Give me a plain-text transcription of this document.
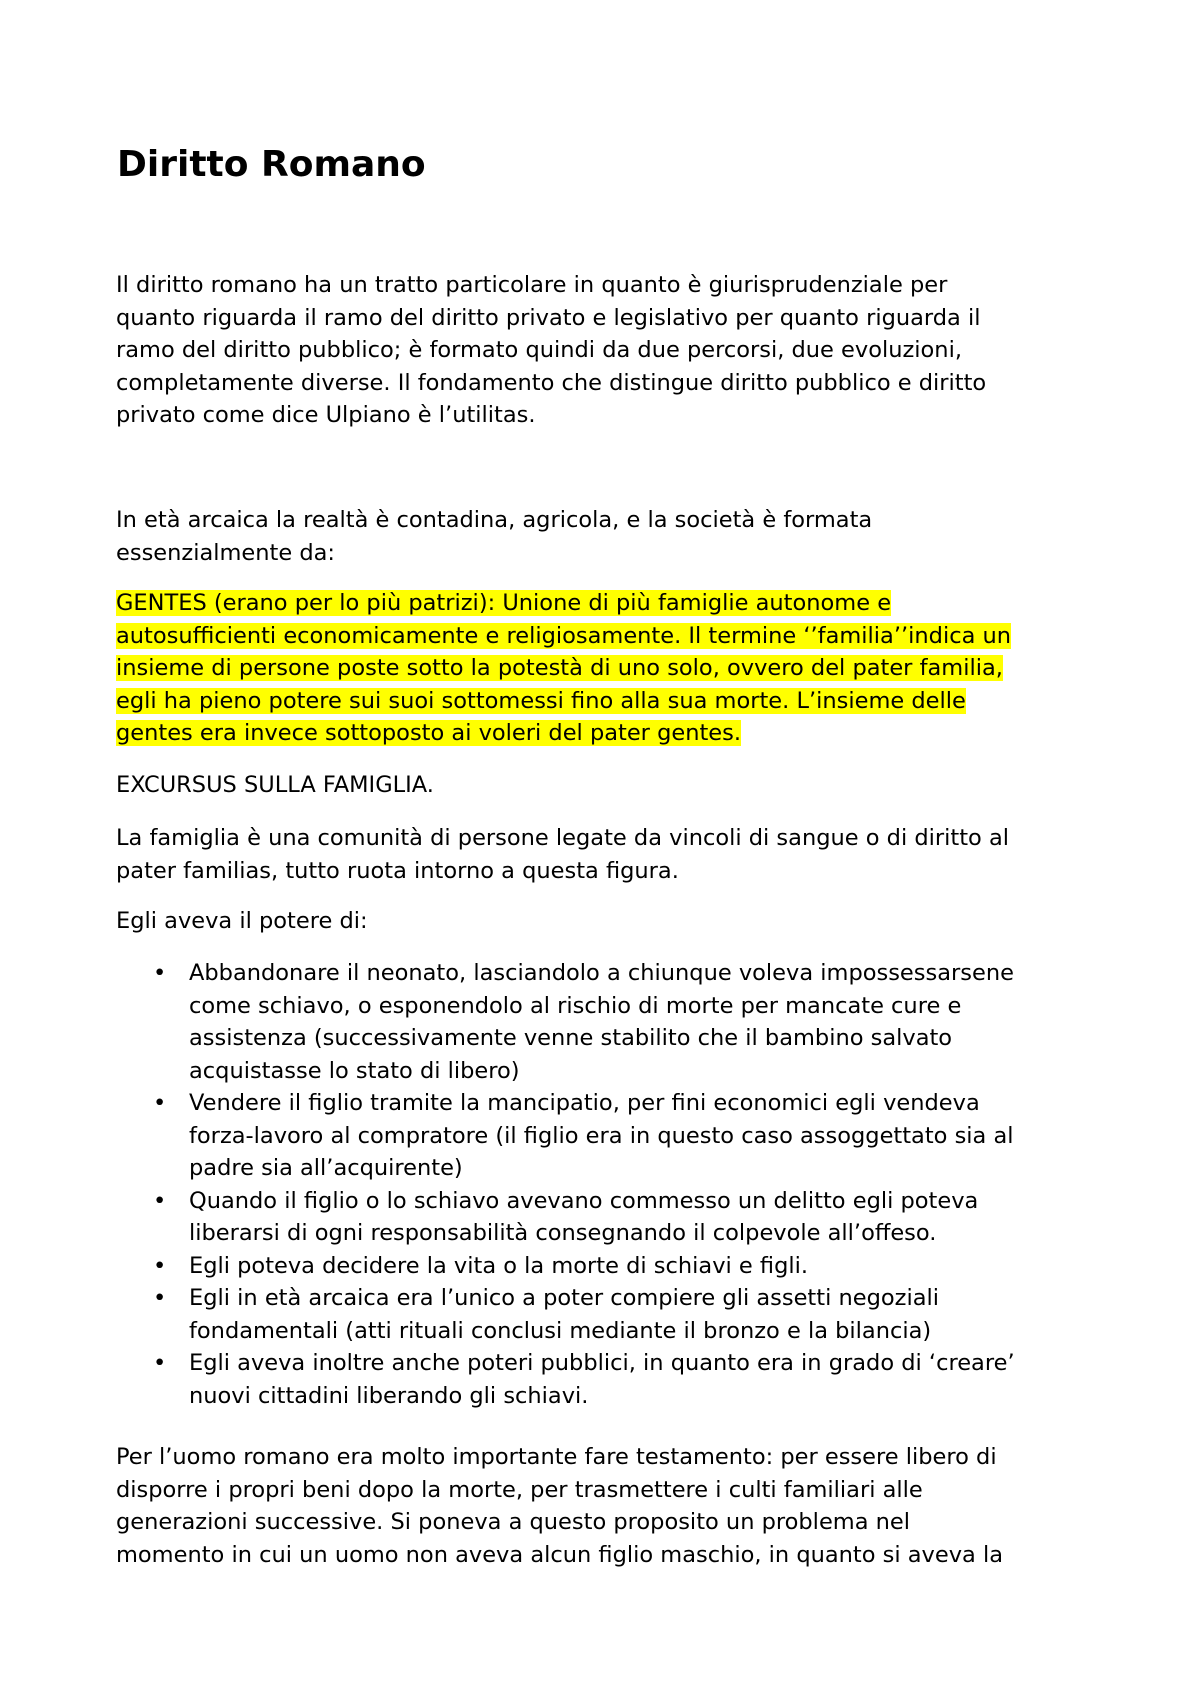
Diritto Romano
Il diritto romano ha un tratto particolare in quanto è giurisprudenziale per
quanto riguarda il ramo del diritto privato e legislativo per quanto riguarda il
ramo del diritto pubblico; è formato quindi da due percorsi, due evoluzioni,
completamente diverse. Il fondamento che distingue diritto pubblico e diritto
privato come dice Ulpiano è l’utilitas.
In età arcaica la realtà è contadina, agricola, e la società è formata
essenzialmente da:
GENTES (erano per lo più patrizi): Unione di più famiglie autonome e
autosufficienti economicamente e religiosamente. Il termine ‘’familia’’indica un
insieme di persone poste sotto la potestà di uno solo, ovvero del pater familia,
egli ha pieno potere sui suoi sottomessi fino alla sua morte. L’insieme delle
gentes era invece sottoposto ai voleri del pater gentes.
EXCURSUS SULLA FAMIGLIA.
La famiglia è una comunità di persone legate da vincoli di sangue o di diritto al
pater familias, tutto ruota intorno a questa figura.
Egli aveva il potere di:
• Abbandonare il neonato, lasciandolo a chiunque voleva impossessarsene
come schiavo, o esponendolo al rischio di morte per mancate cure e
assistenza (successivamente venne stabilito che il bambino salvato
acquistasse lo stato di libero)
• Vendere il figlio tramite la mancipatio, per fini economici egli vendeva
forza-lavoro al compratore (il figlio era in questo caso assoggettato sia al
padre sia all’acquirente)
• Quando il figlio o lo schiavo avevano commesso un delitto egli poteva
liberarsi di ogni responsabilità consegnando il colpevole all’offeso.
• Egli poteva decidere la vita o la morte di schiavi e figli.
• Egli in età arcaica era l’unico a poter compiere gli assetti negoziali
fondamentali (atti rituali conclusi mediante il bronzo e la bilancia)
• Egli aveva inoltre anche poteri pubblici, in quanto era in grado di ‘creare’
nuovi cittadini liberando gli schiavi.
Per l’uomo romano era molto importante fare testamento: per essere libero di
disporre i propri beni dopo la morte, per trasmettere i culti familiari alle
generazioni successive. Si poneva a questo proposito un problema nel
momento in cui un uomo non aveva alcun figlio maschio, in quanto si aveva la
